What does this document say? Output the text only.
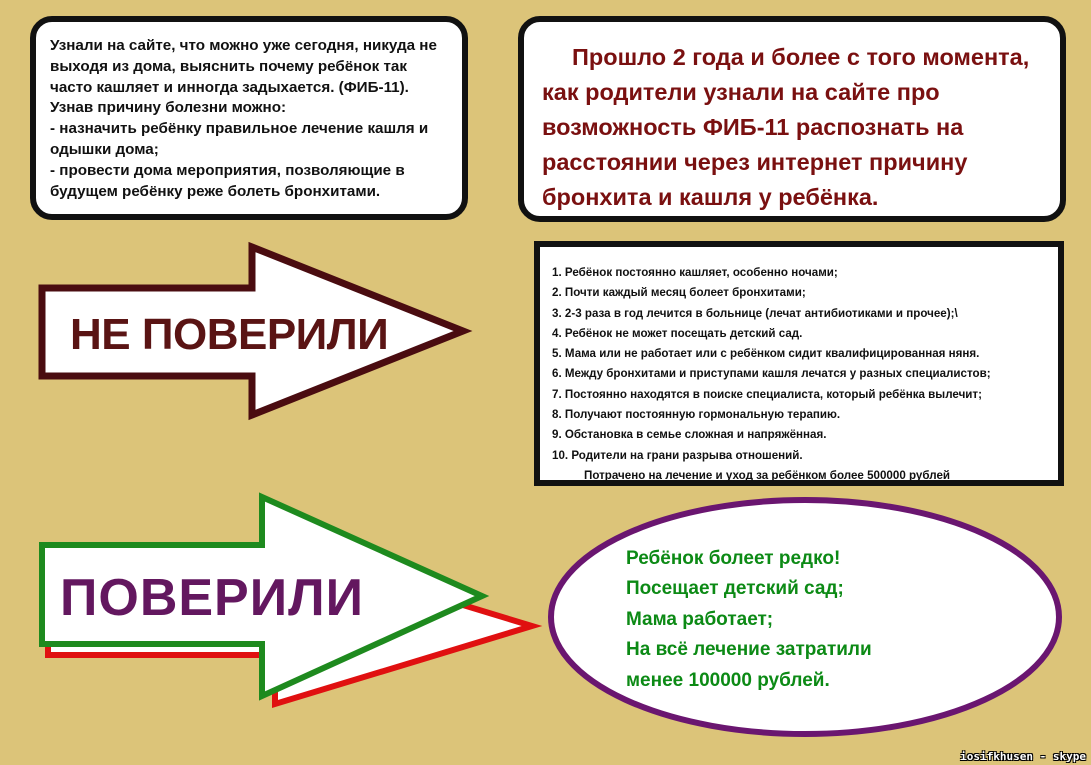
Узнали на сайте, что можно уже сегодня, никуда не
выходя из дома, выяснить почему ребёнок так
часто кашляет и инногда задыхается. (ФИБ-11).
Узнав причину болезни можно:
- назначить ребёнку правильное лечение кашля и
одышки дома;
- провести дома мероприятия, позволяющие в
будущем ребёнку реже болеть бронхитами.
Прошло 2 года и более с того момента,
как родители узнали на сайте про
возможность ФИБ-11 распознать на
расстоянии через интернет причину
бронхита и кашля у ребёнка.
1. Ребёнок постоянно кашляет, особенно ночами;
2. Почти каждый месяц болеет бронхитами;
3. 2-3 раза в год лечится в больнице (лечат антибиотиками и прочее);\
4. Ребёнок не может посещать детский сад.
5. Мама или не работает или с ребёнком сидит квалифицированная няня.
6. Между бронхитами и приступами кашля лечатся у разных специалистов;
7. Постоянно находятся в поиске специалиста, который ребёнка вылечит;
8. Получают постоянную гормональную терапию.
9. Обстановка в семье сложная и напряжённая.
10. Родители на грани разрыва отношений.
Потрачено на лечение и уход за ребёнком более 500000 рублей
НЕ ПОВЕРИЛИ
ПОВЕРИЛИ
Ребёнок болеет редко!
Посещает детский сад;
Мама работает;
На всё лечение затратили
менее 100000 рублей.
iosifkhusen - skype
